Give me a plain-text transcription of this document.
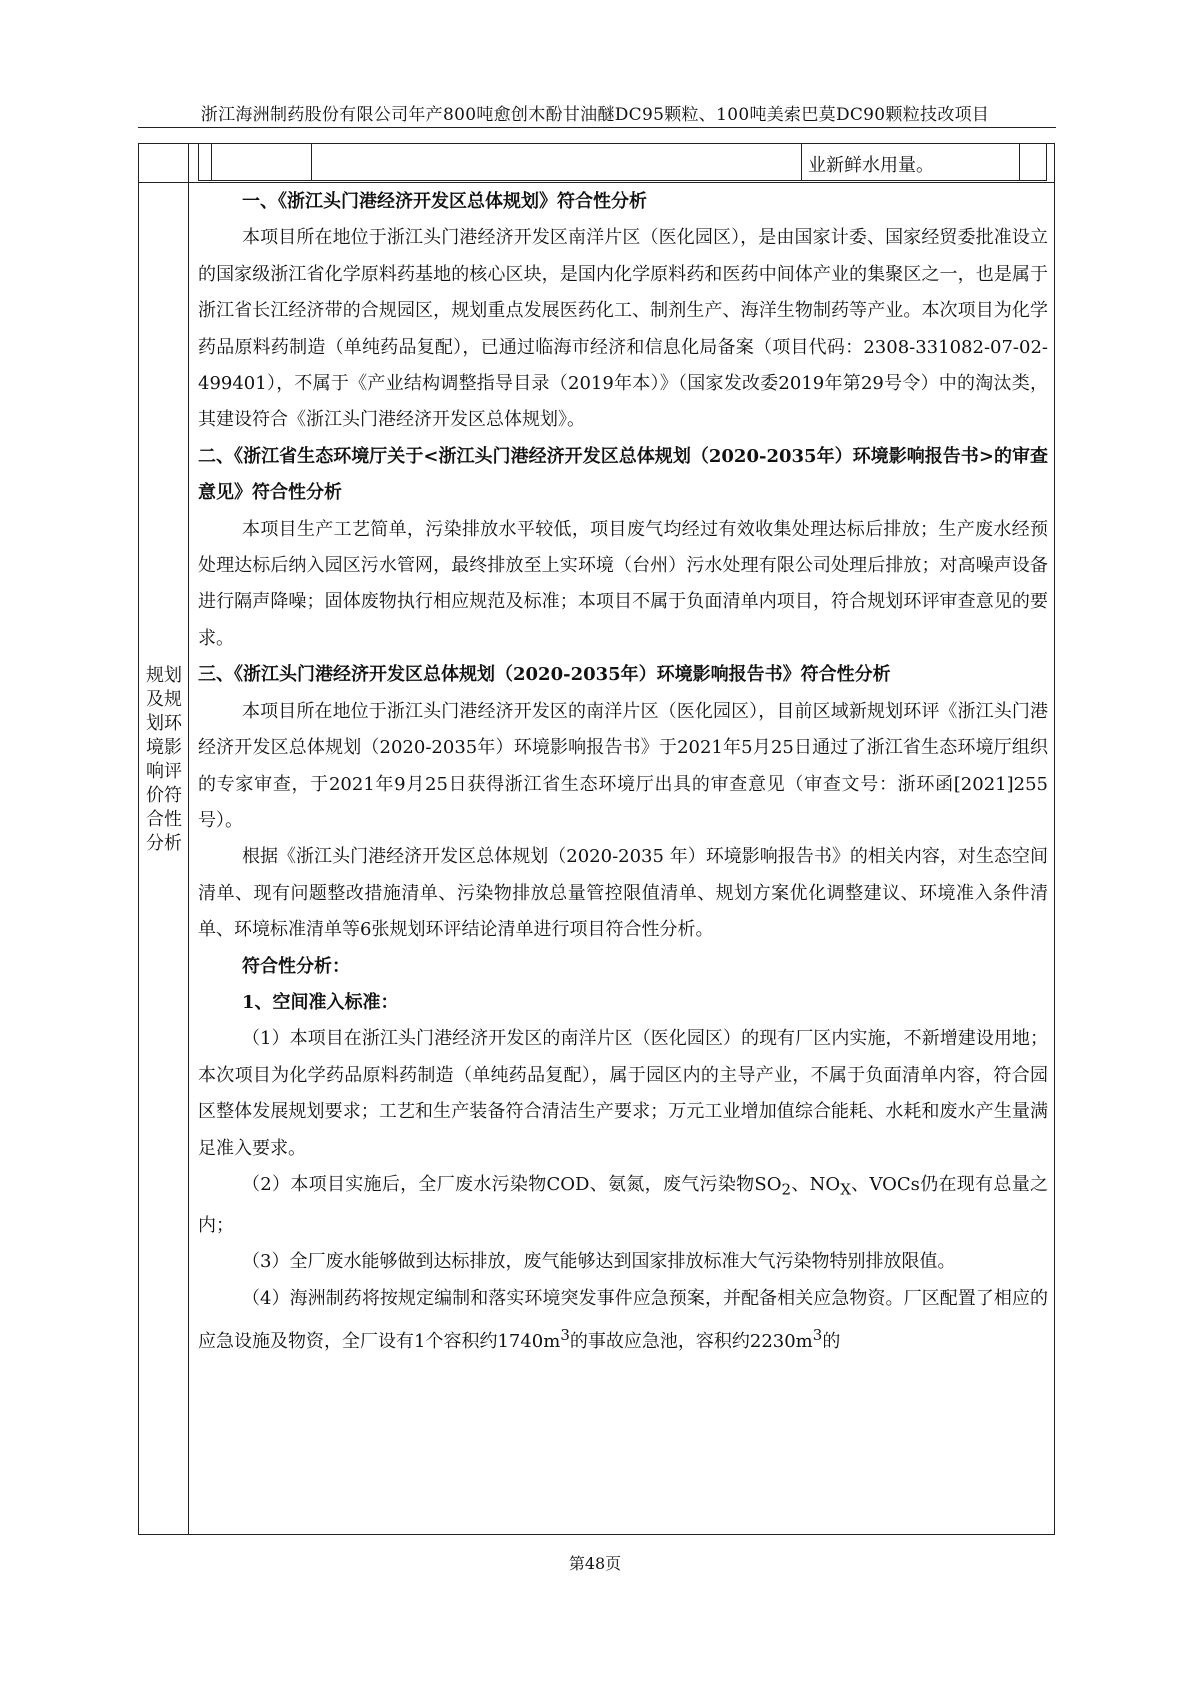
浙江海洲制药股份有限公司年产800吨愈创木酚甘油醚DC95颗粒、100吨美索巴莫DC90颗粒技改项目
业新鲜水用量。
规划
及规
划环
境影
响评
价符
合性
分析

一、《浙江头门港经济开发区总体规划》符合性分析

本项目所在地位于浙江头门港经济开发区南洋片区（医化园区），是由国家计委、国家经贸委批准设立的国家级浙江省化学原料药基地的核心区块，是国内化学原料药和医药中间体产业的集聚区之一，也是属于浙江省长江经济带的合规园区，规划重点发展医药化工、制剂生产、海洋生物制药等产业。本次项目为化学药品原料药制造（单纯药品复配），已通过临海市经济和信息化局备案（项目代码：2308-331082-07-02-499401），不属于《产业结构调整指导目录（2019年本）》（国家发改委2019年第29号令）中的淘汰类，其建设符合《浙江头门港经济开发区总体规划》。

二、《浙江省生态环境厅关于<浙江头门港经济开发区总体规划（2020-2035年）环境影响报告书>的审查意见》符合性分析

本项目生产工艺简单，污染排放水平较低，项目废气均经过有效收集处理达标后排放；生产废水经预处理达标后纳入园区污水管网，最终排放至上实环境（台州）污水处理有限公司处理后排放；对高噪声设备进行隔声降噪；固体废物执行相应规范及标准；本项目不属于负面清单内项目，符合规划环评审查意见的要求。

三、《浙江头门港经济开发区总体规划（2020-2035年）环境影响报告书》符合性分析

本项目所在地位于浙江头门港经济开发区的南洋片区（医化园区），目前区域新规划环评《浙江头门港经济开发区总体规划（2020-2035年）环境影响报告书》于2021年5月25日通过了浙江省生态环境厅组织的专家审查，于2021年9月25日获得浙江省生态环境厅出具的审查意见（审查文号：浙环函[2021]255号）。

根据《浙江头门港经济开发区总体规划（2020-2035 年）环境影响报告书》的相关内容，对生态空间清单、现有问题整改措施清单、污染物排放总量管控限值清单、规划方案优化调整建议、环境准入条件清单、环境标准清单等6张规划环评结论清单进行项目符合性分析。

符合性分析：

1、空间准入标准：

（1）本项目在浙江头门港经济开发区的南洋片区（医化园区）的现有厂区内实施，不新增建设用地；本次项目为化学药品原料药制造（单纯药品复配），属于园区内的主导产业，不属于负面清单内容，符合园区整体发展规划要求；工艺和生产装备符合清洁生产要求；万元工业增加值综合能耗、水耗和废水产生量满足准入要求。

（2）本项目实施后，全厂废水污染物COD、氨氮，废气污染物$SO_2$、$NO_X$、VOCs仍在现有总量之内；

（3）全厂废水能够做到达标排放，废气能够达到国家排放标准大气污染物特别排放限值。

（4）海洲制药将按规定编制和落实环境突发事件应急预案，并配备相关应急物资。厂区配置了相应的应急设施及物资，全厂设有1个容积约$1740m^3$的事故应急池，容积约$2230m^3$的

第48页
